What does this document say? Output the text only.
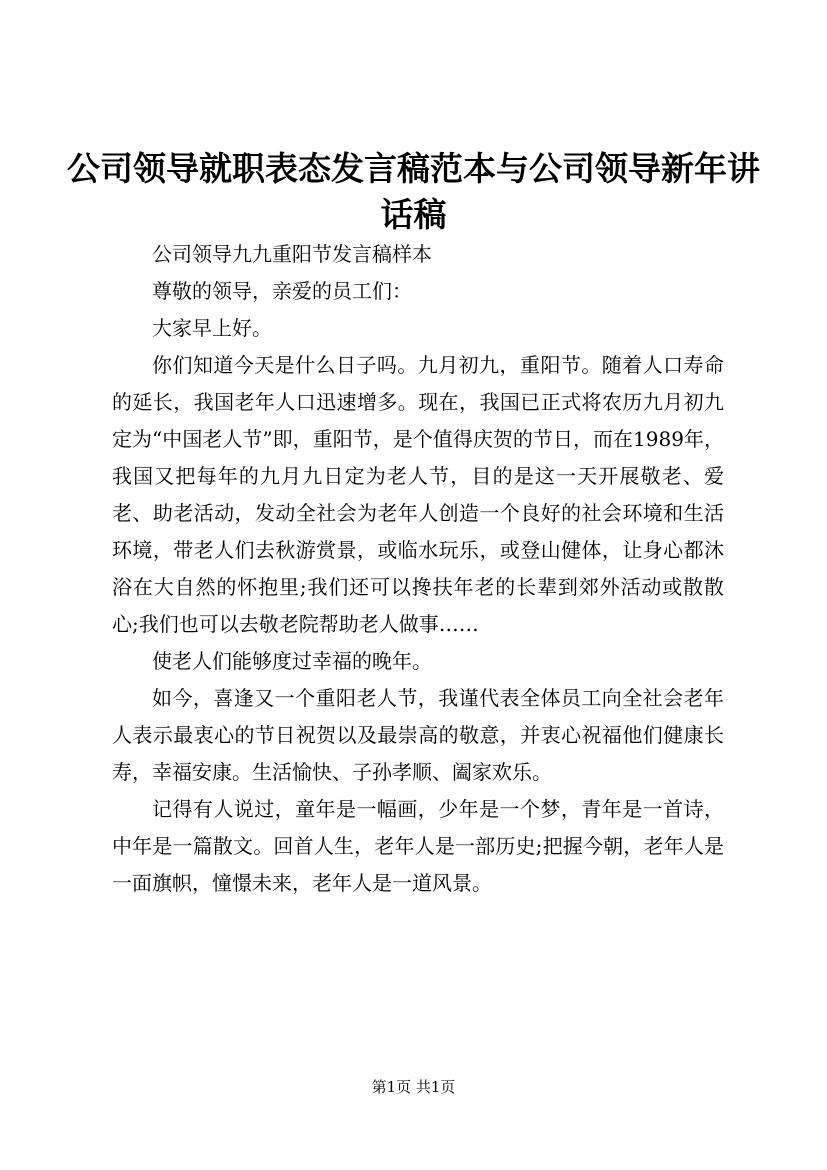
公司领导就职表态发言稿范本与公司领导新年讲话稿

公司领导九九重阳节发言稿样本

尊敬的领导，亲爱的员工们：

大家早上好。

你们知道今天是什么日子吗。九月初九，重阳节。随着人口寿命的延长，我国老年人口迅速增多。现在，我国已正式将农历九月初九定为“中国老人节”即，重阳节，是个值得庆贺的节日，而在1989年，我国又把每年的九月九日定为老人节，目的是这一天开展敬老、爱老、助老活动，发动全社会为老年人创造一个良好的社会环境和生活环境，带老人们去秋游赏景，或临水玩乐，或登山健体，让身心都沐浴在大自然的怀抱里;我们还可以搀扶年老的长辈到郊外活动或散散心;我们也可以去敬老院帮助老人做事……

使老人们能够度过幸福的晚年。

如今，喜逢又一个重阳老人节，我谨代表全体员工向全社会老年人表示最衷心的节日祝贺以及最崇高的敬意，并衷心祝福他们健康长寿，幸福安康。生活愉快、子孙孝顺、阖家欢乐。

记得有人说过，童年是一幅画，少年是一个梦，青年是一首诗，中年是一篇散文。回首人生，老年人是一部历史;把握今朝，老年人是一面旗帜，憧憬未来，老年人是一道风景。

第1页 共1页
